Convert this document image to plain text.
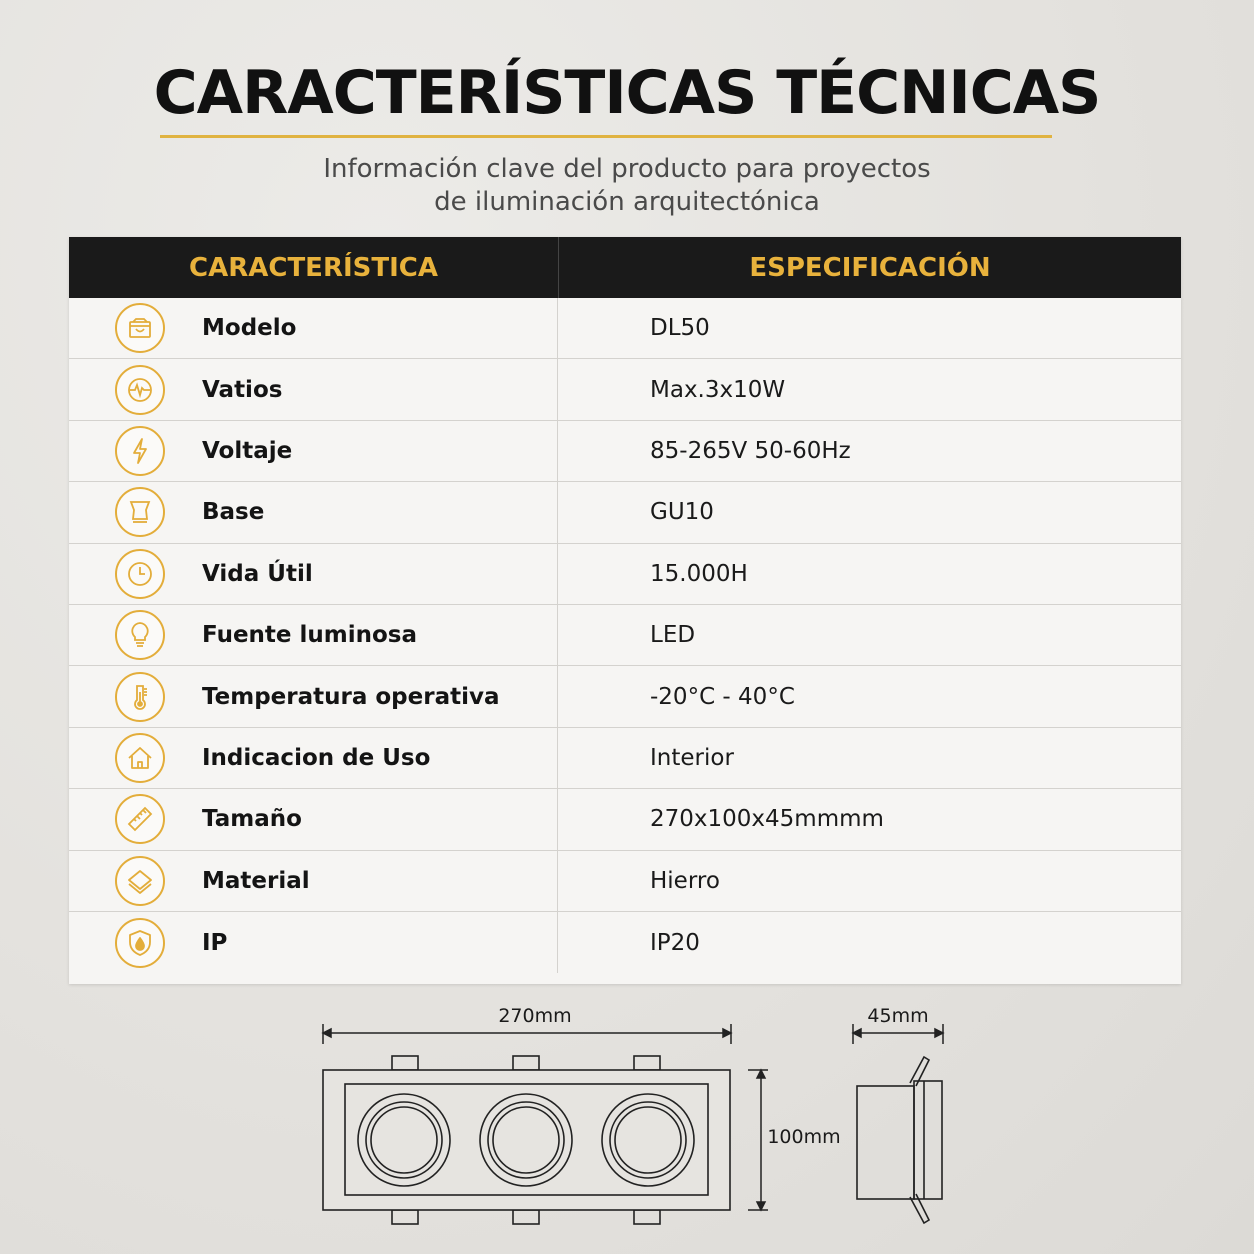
CARACTERÍSTICAS TÉCNICAS
Información clave del producto para proyectos
de iluminación arquitectónica
CARACTERÍSTICA	ESPECIFICACIÓN
Modelo	DL50
Vatios	Max.3x10W
Voltaje	85-265V 50-60Hz
Base	GU10
Vida Útil	15.000H
Fuente luminosa	LED
Temperatura operativa	-20°C - 40°C
Indicacion de Uso	Interior
Tamaño	270x100x45mmmm
Material	Hierro
IP	IP20
270mm
100mm
45mm
